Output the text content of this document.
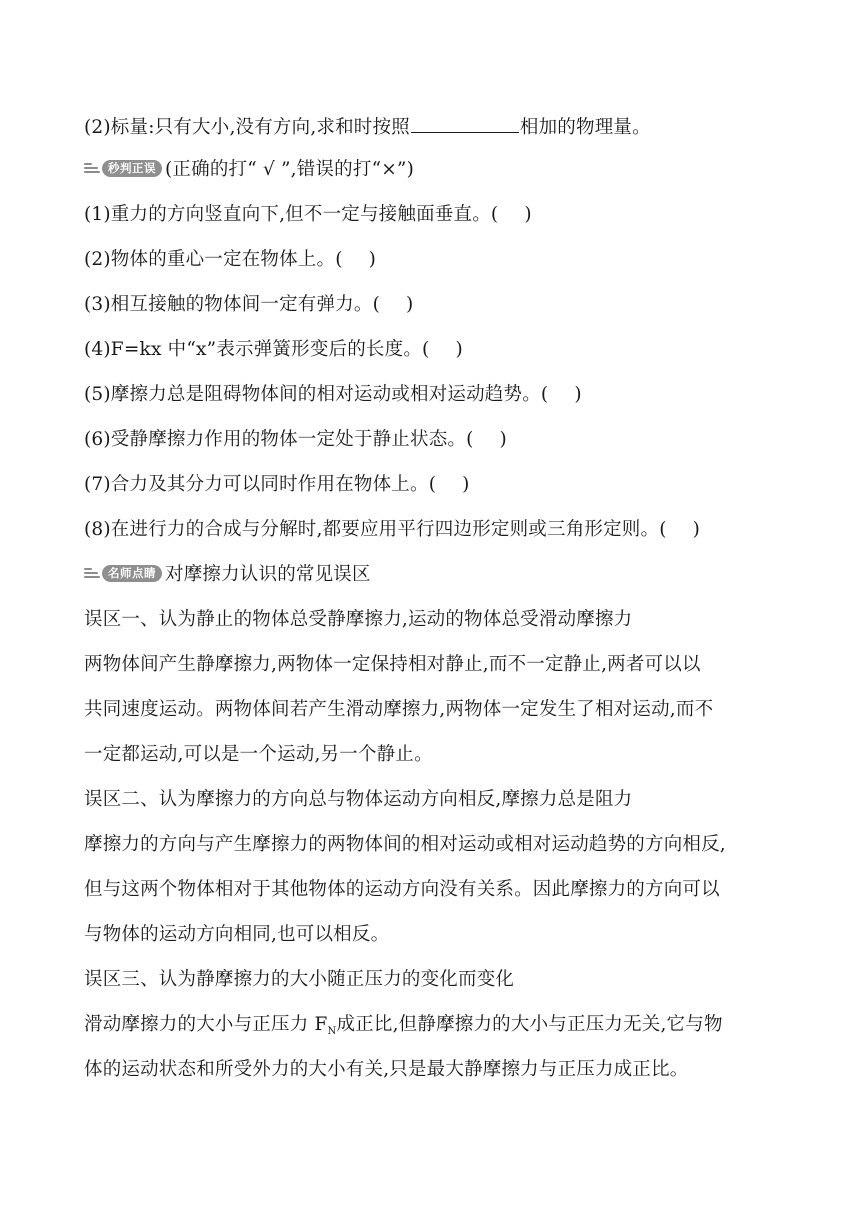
(2)标量:只有大小,没有方向,求和时按照	相加的物理量。
秒判正误 (正确的打“ √ ”,错误的打“×”)
(1)重力的方向竖直向下,但不一定与接触面垂直。( )
(2)物体的重心一定在物体上。( )
(3)相互接触的物体间一定有弹力。( )
(4)F=kx 中“x”表示弹簧形变后的长度。( )
(5)摩擦力总是阻碍物体间的相对运动或相对运动趋势。( )
(6)受静摩擦力作用的物体一定处于静止状态。( )
(7)合力及其分力可以同时作用在物体上。( )
(8)在进行力的合成与分解时,都要应用平行四边形定则或三角形定则。( )
名师点睛 对摩擦力认识的常见误区
误区一、认为静止的物体总受静摩擦力,运动的物体总受滑动摩擦力
两物体间产生静摩擦力,两物体一定保持相对静止,而不一定静止,两者可以以
共同速度运动。两物体间若产生滑动摩擦力,两物体一定发生了相对运动,而不
一定都运动,可以是一个运动,另一个静止。
误区二、认为摩擦力的方向总与物体运动方向相反,摩擦力总是阻力
摩擦力的方向与产生摩擦力的两物体间的相对运动或相对运动趋势的方向相反,
但与这两个物体相对于其他物体的运动方向没有关系。因此摩擦力的方向可以
与物体的运动方向相同,也可以相反。
误区三、认为静摩擦力的大小随正压力的变化而变化
滑动摩擦力的大小与正压力 $F_N$成正比,但静摩擦力的大小与正压力无关,它与物
体的运动状态和所受外力的大小有关,只是最大静摩擦力与正压力成正比。
